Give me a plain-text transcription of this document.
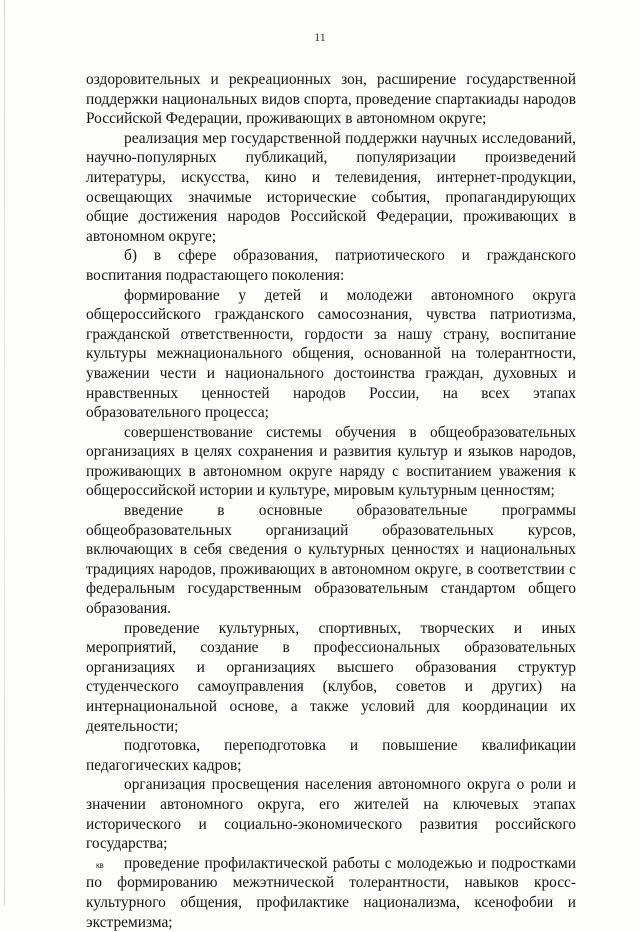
11

оздоровительных и рекреационных зон, расширение государственной поддержки национальных видов спорта, проведение спартакиады народов Российской Федерации, проживающих в автономном округе;

реализация мер государственной поддержки научных исследований, научно-популярных публикаций, популяризации произведений литературы, искусства, кино и телевидения, интернет-продукции, освещающих значимые исторические события, пропагандирующих общие достижения народов Российской Федерации, проживающих в автономном округе;

б) в сфере образования, патриотического и гражданского воспитания подрастающего поколения:

формирование у детей и молодежи автономного округа общероссийского гражданского самосознания, чувства патриотизма, гражданской ответственности, гордости за нашу страну, воспитание культуры межнационального общения, основанной на толерантности, уважении чести и национального достоинства граждан, духовных и нравственных ценностей народов России, на всех этапах образовательного процесса;

совершенствование системы обучения в общеобразовательных организациях в целях сохранения и развития культур и языков народов, проживающих в автономном округе наряду с воспитанием уважения к общероссийской истории и культуре, мировым культурным ценностям;

введение в основные образовательные программы общеобразовательных организаций образовательных курсов, включающих в себя сведения о культурных ценностях и национальных традициях народов, проживающих в автономном округе, в соответствии с федеральным государственным образовательным стандартом общего образования.

проведение культурных, спортивных, творческих и иных мероприятий, создание в профессиональных образовательных организациях и организациях высшего образования структур студенческого самоуправления (клубов, советов и других) на интернациональной основе, а также условий для координации их деятельности;

подготовка, переподготовка и повышение квалификации педагогических кадров;

организация просвещения населения автономного округа о роли и значении автономного округа, его жителей на ключевых этапах исторического и социально-экономического развития российского государства;

проведение профилактической работы с молодежью и подростками по формированию межэтнической толерантности, навыков кросс-культурного общения, профилактике национализма, ксенофобии и экстремизма;

кв
